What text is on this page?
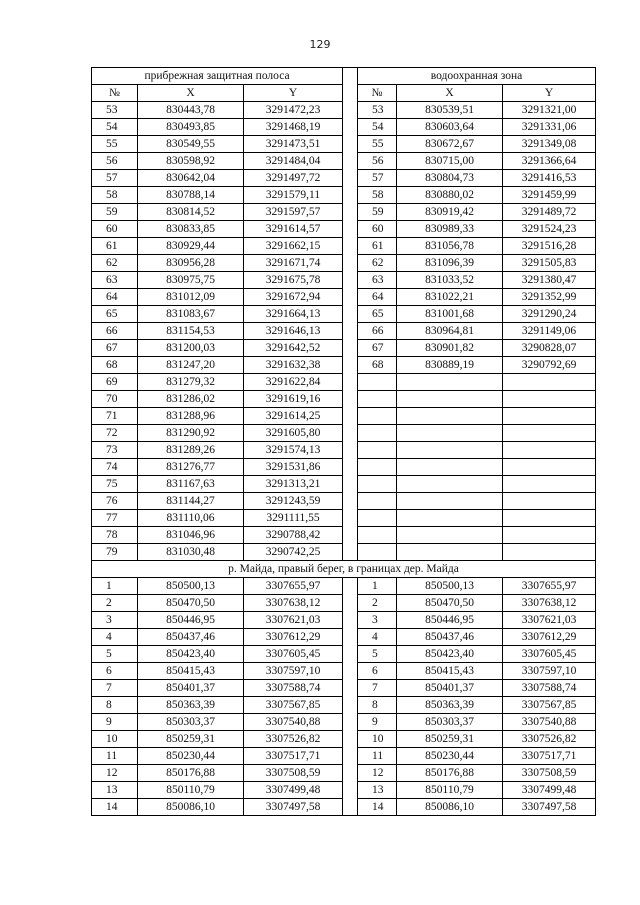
129
прибрежная защитная полоса				водоохранная зона		
№	X	Y		№	X	Y
53	830443,78	3291472,23		53	830539,51	3291321,00
54	830493,85	3291468,19		54	830603,64	3291331,06
55	830549,55	3291473,51		55	830672,67	3291349,08
56	830598,92	3291484,04		56	830715,00	3291366,64
57	830642,04	3291497,72		57	830804,73	3291416,53
58	830788,14	3291579,11		58	830880,02	3291459,99
59	830814,52	3291597,57		59	830919,42	3291489,72
60	830833,85	3291614,57		60	830989,33	3291524,23
61	830929,44	3291662,15		61	831056,78	3291516,28
62	830956,28	3291671,74		62	831096,39	3291505,83
63	830975,75	3291675,78		63	831033,52	3291380,47
64	831012,09	3291672,94		64	831022,21	3291352,99
65	831083,67	3291664,13		65	831001,68	3291290,24
66	831154,53	3291646,13		66	830964,81	3291149,06
67	831200,03	3291642,52		67	830901,82	3290828,07
68	831247,20	3291632,38		68	830889,19	3290792,69
69	831279,32	3291622,84				
70	831286,02	3291619,16				
71	831288,96	3291614,25				
72	831290,92	3291605,80				
73	831289,26	3291574,13				
74	831276,77	3291531,86				
75	831167,63	3291313,21				
76	831144,27	3291243,59				
77	831110,06	3291111,55				
78	831046,96	3290788,42				
79	831030,48	3290742,25				
р. Майда, правый берег, в границах дер. Майда						
1	850500,13	3307655,97		1	850500,13	3307655,97
2	850470,50	3307638,12		2	850470,50	3307638,12
3	850446,95	3307621,03		3	850446,95	3307621,03
4	850437,46	3307612,29		4	850437,46	3307612,29
5	850423,40	3307605,45		5	850423,40	3307605,45
6	850415,43	3307597,10		6	850415,43	3307597,10
7	850401,37	3307588,74		7	850401,37	3307588,74
8	850363,39	3307567,85		8	850363,39	3307567,85
9	850303,37	3307540,88		9	850303,37	3307540,88
10	850259,31	3307526,82		10	850259,31	3307526,82
11	850230,44	3307517,71		11	850230,44	3307517,71
12	850176,88	3307508,59		12	850176,88	3307508,59
13	850110,79	3307499,48		13	850110,79	3307499,48
14	850086,10	3307497,58		14	850086,10	3307497,58
